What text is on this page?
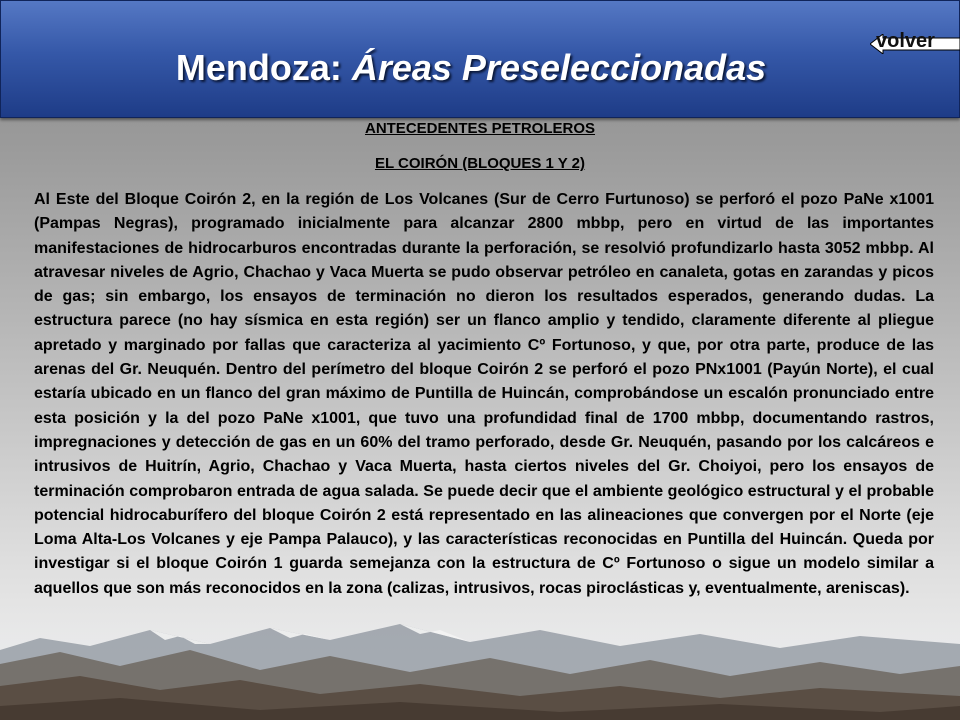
Mendoza: Áreas Preseleccionadas
volver
ANTECEDENTES PETROLEROS
EL COIRÓN (BLOQUES 1 Y 2)

Al Este del Bloque Coirón 2, en la región de Los Volcanes (Sur de Cerro Furtunoso) se perforó el pozo PaNe x1001 (Pampas Negras), programado inicialmente para alcanzar 2800 mbbp, pero en virtud de las importantes manifestaciones de hidrocarburos encontradas durante la perforación, se resolvió profundizarlo hasta 3052 mbbp. Al atravesar niveles de Agrio, Chachao y Vaca Muerta se pudo observar petróleo en canaleta, gotas en zarandas y picos de gas; sin embargo, los ensayos de terminación no dieron los resultados esperados, generando dudas. La estructura parece (no hay sísmica en esta región) ser un flanco amplio y tendido, claramente diferente al pliegue apretado y marginado por fallas que caracteriza al yacimiento Cº Fortunoso, y que, por otra parte, produce de las arenas del Gr. Neuquén. Dentro del perímetro del bloque Coirón 2 se perforó el pozo PNx1001 (Payún Norte), el cual estaría ubicado en un flanco del gran máximo de Puntilla de Huincán, comprobándose un escalón pronunciado entre esta posición y la del pozo PaNe x1001, que tuvo una profundidad final de 1700 mbbp, documentando rastros, impregnaciones y detección de gas en un 60% del tramo perforado, desde Gr. Neuquén, pasando por los calcáreos e intrusivos de Huitrín, Agrio, Chachao y Vaca Muerta, hasta ciertos niveles del Gr. Choiyoi, pero los ensayos de terminación comprobaron entrada de agua salada. Se puede decir que el ambiente geológico estructural y el probable potencial hidrocaburífero del bloque Coirón 2 está representado en las alineaciones que convergen por el Norte (eje Loma Alta-Los Volcanes y eje Pampa Palauco), y las características reconocidas en Puntilla del Huincán. Queda por investigar si el bloque Coirón 1 guarda semejanza con la estructura de Cº Fortunoso o sigue un modelo similar a aquellos que son más reconocidos en la zona (calizas, intrusivos, rocas piroclásticas y, eventualmente, areniscas).
